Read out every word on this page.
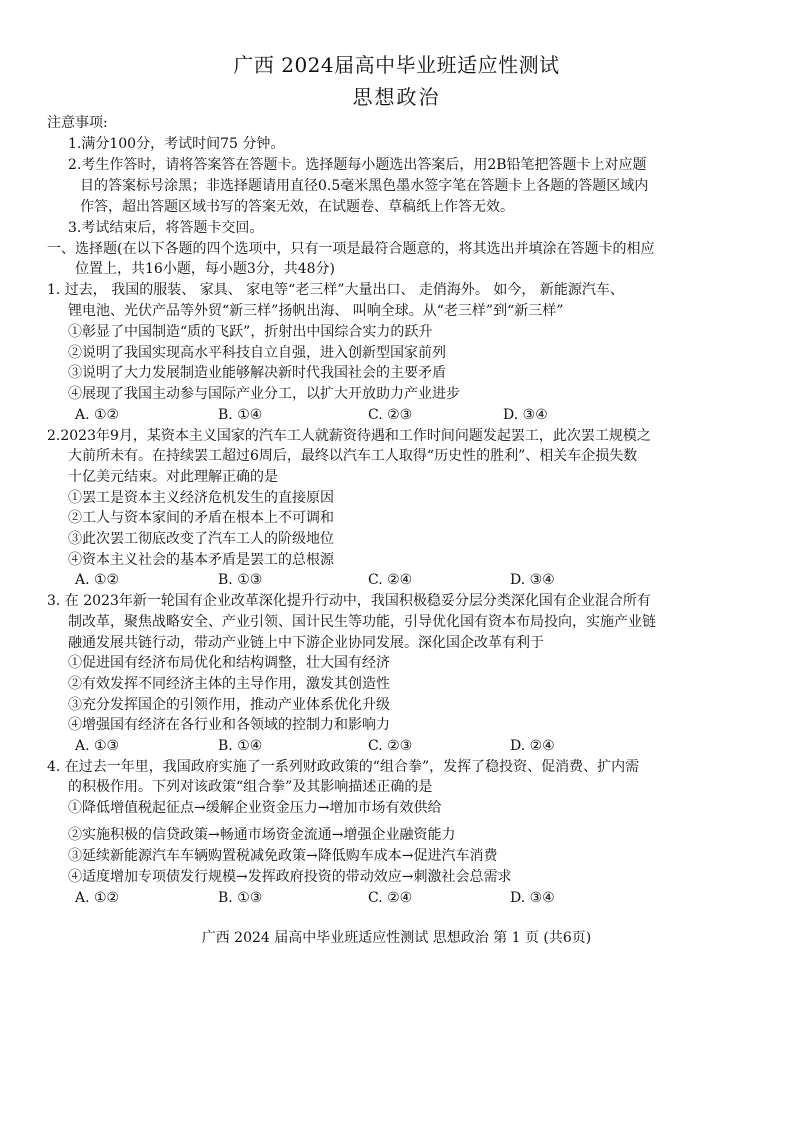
广西 2024届高中毕业班适应性测试
思想政治
注意事项:
1.满分100分，考试时间75 分钟。
2.考生作答时，请将答案答在答题卡。选择题每小题选出答案后，用2B铅笔把答题卡上对应题
目的答案标号涂黑；非选择题请用直径0.5毫米黑色墨水签字笔在答题卡上各题的答题区域内
作答，超出答题区域书写的答案无效，在试题卷、草稿纸上作答无效。
3.考试结束后，将答题卡交回。
一、选择题(在以下各题的四个选项中，只有一项是最符合题意的，将其选出并填涂在答题卡的相应
位置上，共16小题，每小题3分，共48分)
1. 过去， 我国的服装、 家具、 家电等“老三样”大量出口、 走俏海外。 如今， 新能源汽车、
锂电池、光伏产品等外贸“新三样”扬帆出海、 叫响全球。从“老三样”到“新三样”
①彰显了中国制造“质的飞跃”，折射出中国综合实力的跃升
②说明了我国实现高水平科技自立自强，进入创新型国家前列
③说明了大力发展制造业能够解决新时代我国社会的主要矛盾
④展现了我国主动参与国际产业分工，以扩大开放助力产业进步
A. ①②	B. ①④	C. ②③	D. ③④
2.2023年9月，某资本主义国家的汽车工人就薪资待遇和工作时间问题发起罢工，此次罢工规模之
大前所未有。在持续罢工超过6周后，最终以汽车工人取得“历史性的胜利”、相关车企损失数
十亿美元结束。对此理解正确的是
①罢工是资本主义经济危机发生的直接原因
②工人与资本家间的矛盾在根本上不可调和
③此次罢工彻底改变了汽车工人的阶级地位
④资本主义社会的基本矛盾是罢工的总根源
A. ①②	B. ①③	C. ②④	D. ③④
3. 在 2023年新一轮国有企业改革深化提升行动中，我国积极稳妥分层分类深化国有企业混合所有
制改革，聚焦战略安全、产业引领、国计民生等功能，引导优化国有资本布局投向，实施产业链
融通发展共链行动，带动产业链上中下游企业协同发展。深化国企改革有利于
①促进国有经济布局优化和结构调整，壮大国有经济
②有效发挥不同经济主体的主导作用，激发其创造性
③充分发挥国企的引领作用，推动产业体系优化升级
④增强国有经济在各行业和各领域的控制力和影响力
A. ①③	B. ①④	C. ②③	D. ②④
4. 在过去一年里，我国政府实施了一系列财政政策的“组合拳”，发挥了稳投资、促消费、扩内需
的积极作用。下列对该政策“组合拳”及其影响描述正确的是
①降低增值税起征点→缓解企业资金压力→增加市场有效供给
②实施积极的信贷政策→畅通市场资金流通→增强企业融资能力
③延续新能源汽车车辆购置税减免政策→降低购车成本→促进汽车消费
④适度增加专项债发行规模→发挥政府投资的带动效应→刺激社会总需求
A. ①②	B. ①③	C. ②④	D. ③④
广西 2024 届高中毕业班适应性测试 思想政治 第 1 页 (共6页)
